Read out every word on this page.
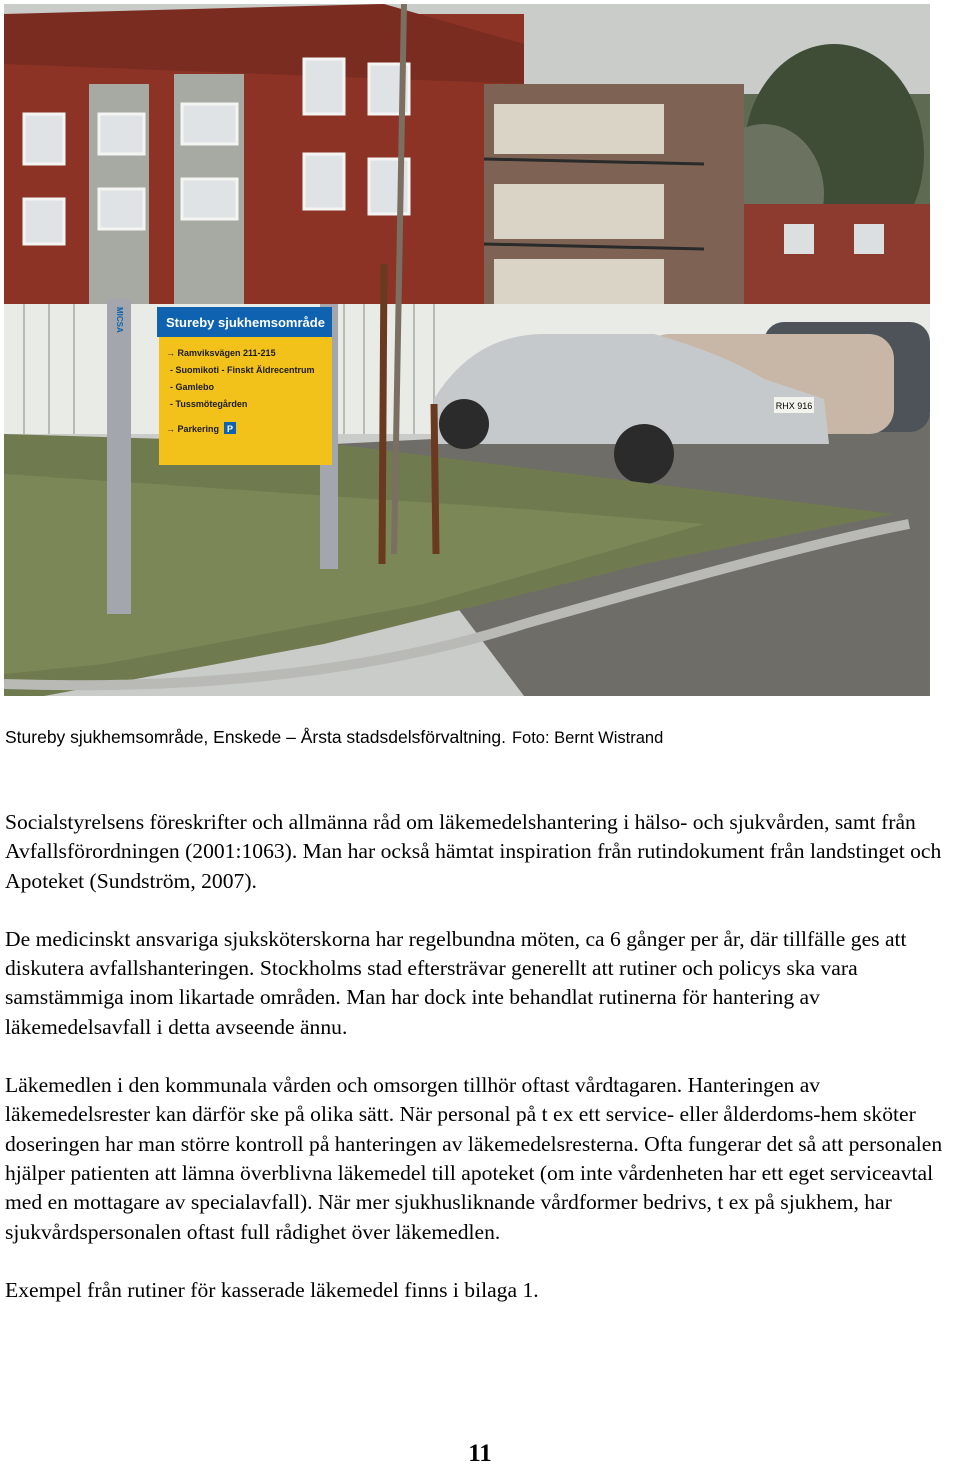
RHX 916
Stureby sjukhemsområde
→ Ramviksvägen 211-215
- Suomikoti - Finskt Äldrecentrum
- Gamlebo
- Tussmötegården
→ Parkering P
MICSA
Stureby sjukhemsområde, Enskede – Årsta stadsdelsförvaltning. Foto: Bernt Wistrand

Socialstyrelsens föreskrifter och allmänna råd om läkemedelshantering i hälso- och sjukvården, samt från Avfallsförordningen (2001:1063). Man har också hämtat inspiration från rutindokument från landstinget och Apoteket (Sundström, 2007).

De medicinskt ansvariga sjuksköterskorna har regelbundna möten, ca 6 gånger per år, där tillfälle ges att diskutera avfallshanteringen. Stockholms stad eftersträvar generellt att rutiner och policys ska vara samstämmiga inom likartade områden. Man har dock inte behandlat rutinerna för hantering av läkemedelsavfall i detta avseende ännu.

Läkemedlen i den kommunala vården och omsorgen tillhör oftast vårdtagaren. Hanteringen av läkemedelsrester kan därför ske på olika sätt. När personal på t ex ett service- eller ålderdoms-hem sköter doseringen har man större kontroll på hanteringen av läkemedelsresterna. Ofta fungerar det så att personalen hjälper patienten att lämna överblivna läkemedel till apoteket (om inte vårdenheten har ett eget serviceavtal med en mottagare av specialavfall). När mer sjukhusliknande vårdformer bedrivs, t ex på sjukhem, har sjukvårdspersonalen oftast full rådighet över läkemedlen.

Exempel från rutiner för kasserade läkemedel finns i bilaga 1.

11
